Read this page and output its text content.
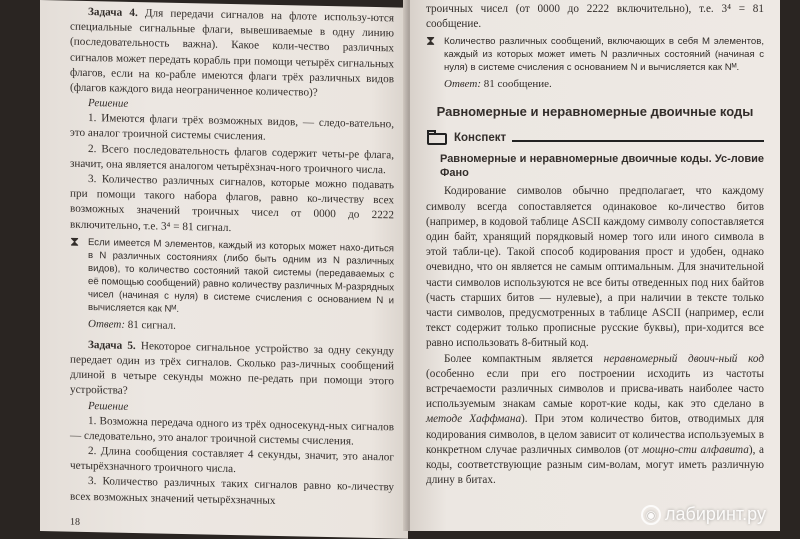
Задача 4. Для передачи сигналов на флоте использу-ются специальные сигнальные флаги, вывешиваемые в одну линию (последовательность важна). Какое коли-чество различных сигналов может передать корабль при помощи четырёх сигнальных флагов, если на ко-рабле имеются флаги трёх различных видов (флагов каждого вида неограниченное количество)?

Решение

1. Имеются флаги трёх возможных видов, — следо-вательно, это аналог троичной системы счисления.

2. Всего последовательность флагов содержит четы-ре флага, значит, она является аналогом четырёхзнач-ного троичного числа.

3. Количество различных сигналов, которые можно подавать при помощи такого набора флагов, равно ко-личеству всех возможных значений троичных чисел от 0000 до 2222 включительно, т.е. 3⁴ = 81 сигнал.

⧗ Если имеется M элементов, каждый из которых может нахо-диться в N различных состояниях (либо быть одним из N различных видов), то количество состояний такой системы (передаваемых с её помощью сообщений) равно количеству различных M-разрядных чисел (начиная с нуля) в системе счисления с основанием N и вычисляется как Nᴹ.

Ответ: 81 сигнал.

Задача 5. Некоторое сигнальное устройство за одну секунду передает один из трёх сигналов. Сколько раз-личных сообщений длиной в четыре секунды можно пе-редать при помощи этого устройства?

Решение

1. Возможна передача одного из трёх односекунд-ных сигналов — следовательно, это аналог троичной системы счисления.

2. Длина сообщения составляет 4 секунды, значит, это аналог четырёхзначного троичного числа.

3. Количество различных таких сигналов равно ко-личеству всех возможных значений четырёхзначных

18

троичных чисел (от 0000 до 2222 включительно), т.е. 3⁴ = 81 сообщение.

⧗ Количество различных сообщений, включающих в себя M элементов, каждый из которых может иметь N различных состояний (начиная с нуля) в системе счисления с основанием N и вычисляется как Nᴹ.

Ответ: 81 сообщение.

Равномерные и неравномерные двоичные коды
Конспект

Равномерные и неравномерные двоичные коды. Ус-ловие Фано

Кодирование символов обычно предполагает, что каждому символу всегда сопоставляется одинаковое ко-личество битов (например, в кодовой таблице ASCII каждому символу сопоставляется один байт, хранящий порядковый номер того или иного символа в этой табли-це). Такой способ кодирования прост и удобен, однако очевидно, что он является не самым оптимальным. Для значительной части символов используются не все биты отведенных под них байтов (часть старших битов — нулевые), а при наличии в тексте только части символов, предусмотренных в таблице ASCII (например, если текст содержит только прописные русские буквы), при-ходится все равно использовать 8-битный код.

Более компактным является неравномерный двоич-ный код (особенно если при его построении исходить из частоты встречаемости различных символов и присва-ивать наиболее часто используемым знакам самые корот-кие коды, как это сделано в методе Хаффмана). При этом количество битов, отводимых для кодирования символов, в целом зависит от количества используемых в конкретном случае различных символов (от мощно-сти алфавита), а коды, соответствующие разным сим-волам, могут иметь различную длину в битах.

◉ лабиринт.ру
